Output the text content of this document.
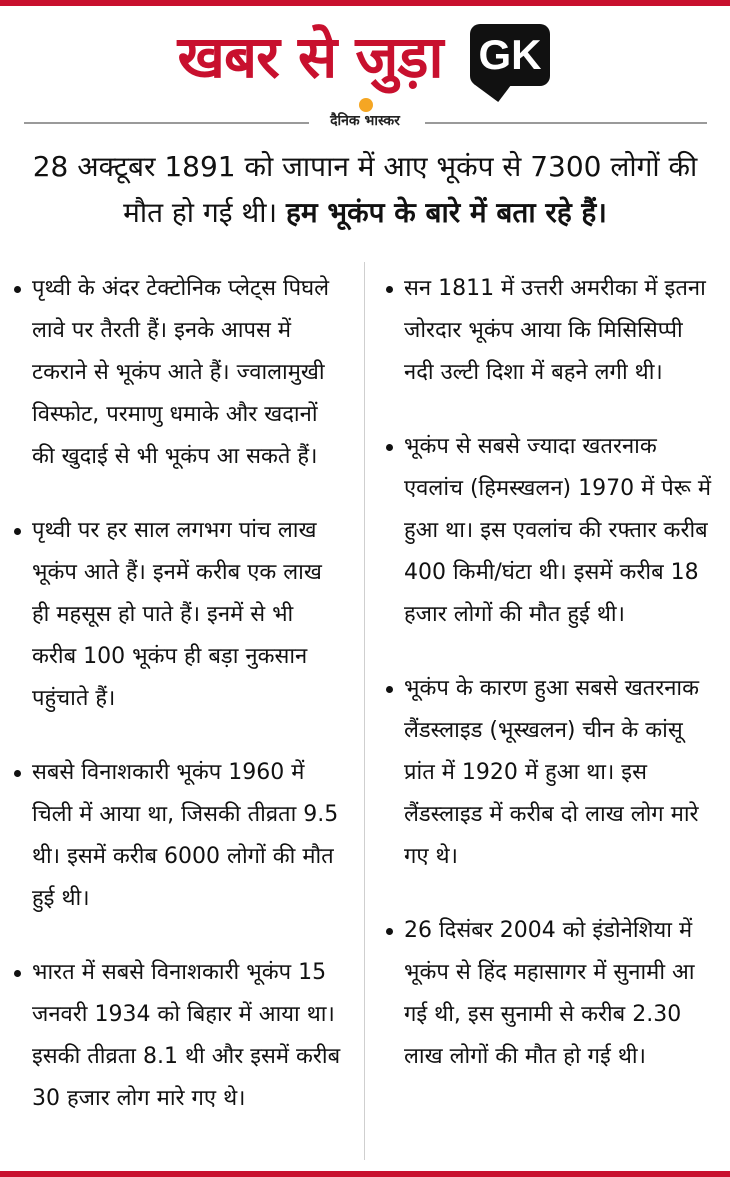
खबर से जुड़ा GK
दैनिक भास्कर
28 अक्टूबर 1891 को जापान में आए भूकंप से 7300 लोगों की मौत हो गई थी। हम भूकंप के बारे में बता रहे हैं।
पृथ्वी के अंदर टेक्टोनिक प्लेट्स पिघले लावे पर तैरती हैं। इनके आपस में टकराने से भूकंप आते हैं। ज्वालामुखी विस्फोट, परमाणु धमाके और खदानों की खुदाई से भी भूकंप आ सकते हैं।
पृथ्वी पर हर साल लगभग पांच लाख भूकंप आते हैं। इनमें करीब एक लाख ही महसूस हो पाते हैं। इनमें से भी करीब 100 भूकंप ही बड़ा नुकसान पहुंचाते हैं।
सबसे विनाशकारी भूकंप 1960 में चिली में आया था, जिसकी तीव्रता 9.5 थी। इसमें करीब 6000 लोगों की मौत हुई थी।
भारत में सबसे विनाशकारी भूकंप 15 जनवरी 1934 को बिहार में आया था। इसकी तीव्रता 8.1 थी और इसमें करीब 30 हजार लोग मारे गए थे।
सन 1811 में उत्तरी अमरीका में इतना जोरदार भूकंप आया कि मिसिसिप्पी नदी उल्टी दिशा में बहने लगी थी।
भूकंप से सबसे ज्यादा खतरनाक एवलांच (हिमस्खलन) 1970 में पेरू में हुआ था। इस एवलांच की रफ्तार करीब 400 किमी/घंटा थी। इसमें करीब 18 हजार लोगों की मौत हुई थी।
भूकंप के कारण हुआ सबसे खतरनाक लैंडस्लाइड (भूस्खलन) चीन के कांसू प्रांत में 1920 में हुआ था। इस लैंडस्लाइड में करीब दो लाख लोग मारे गए थे।
26 दिसंबर 2004 को इंडोनेशिया में भूकंप से हिंद महासागर में सुनामी आ गई थी, इस सुनामी से करीब 2.30 लाख लोगों की मौत हो गई थी।
